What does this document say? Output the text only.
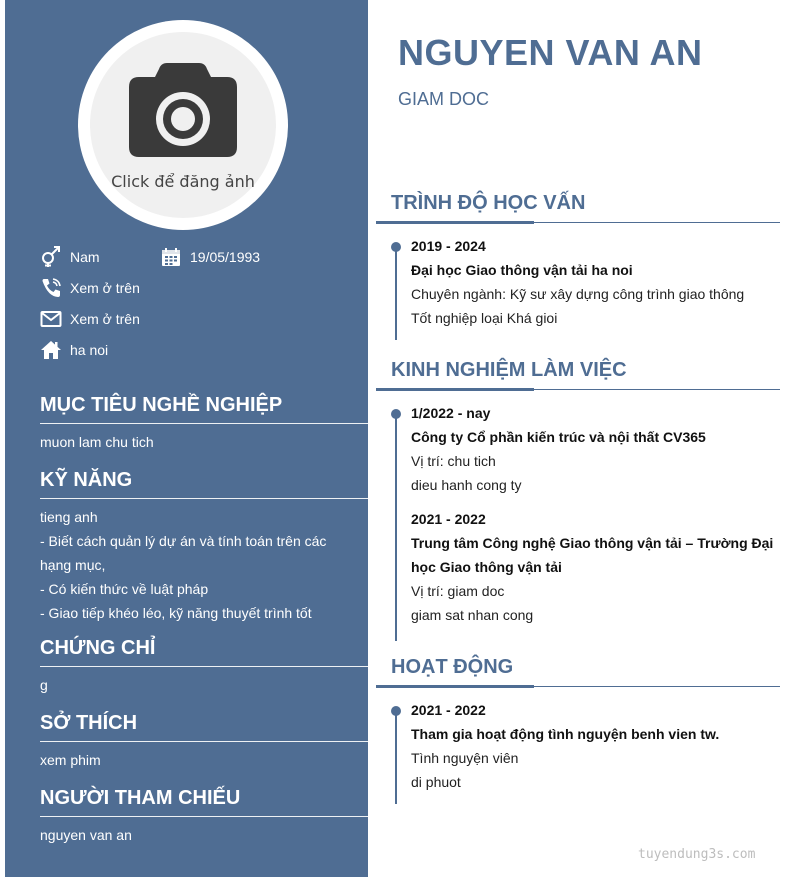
Click để đăng ảnh
Nam	19/05/1993
Xem ở trên
Xem ở trên
ha noi
MỤC TIÊU NGHỀ NGHIỆP

muon lam chu tich

KỸ NĂNG

tieng anh

- Biết cách quản lý dự án và tính toán trên các

hạng mục,

- Có kiến thức về luật pháp

- Giao tiếp khéo léo, kỹ năng thuyết trình tốt

CHỨNG CHỈ

g

SỞ THÍCH

xem phim

NGƯỜI THAM CHIẾU

nguyen van an

NGUYEN VAN AN
GIAM DOC
TRÌNH ĐỘ HỌC VẤN
2019 - 2024
Đại học Giao thông vận tải ha noi
Chuyên ngành: Kỹ sư xây dựng công trình giao thông
Tốt nghiệp loại Khá gioi
KINH NGHIỆM LÀM VIỆC
1/2022 - nay
Công ty Cổ phần kiến trúc và nội thất CV365
Vị trí: chu tich
dieu hanh cong ty
2021 - 2022
Trung tâm Công nghệ Giao thông vận tải – Trường Đại
học Giao thông vận tải
Vị trí: giam doc
giam sat nhan cong
HOẠT ĐỘNG
2021 - 2022
Tham gia hoạt động tình nguyện benh vien tw.
Tình nguyện viên
di phuot
tuyendung3s.com
